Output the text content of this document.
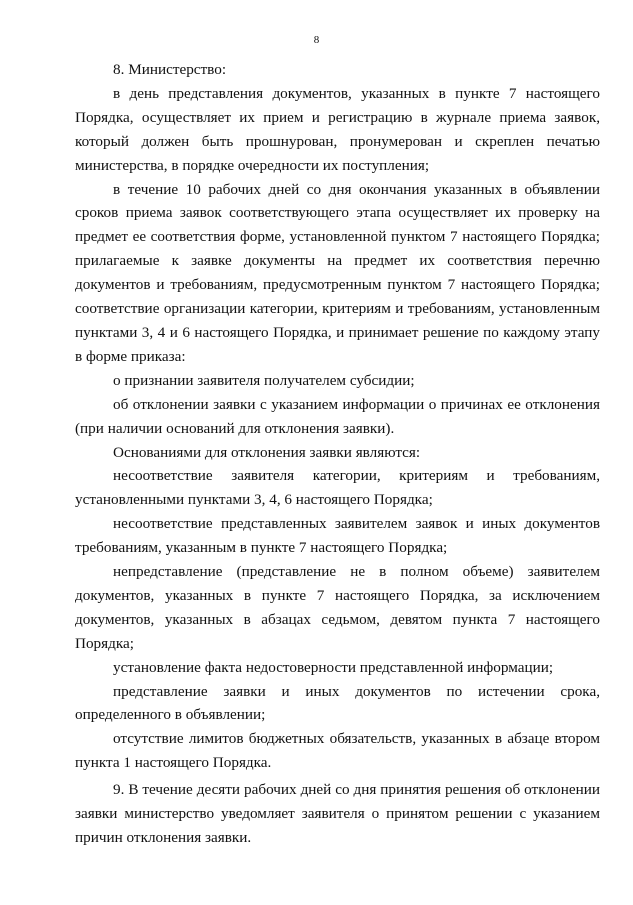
8

8. Министерство:

в день представления документов, указанных в пункте 7 настоящего Порядка, осуществляет их прием и регистрацию в журнале приема заявок, который должен быть прошнурован, пронумерован и скреплен печатью министерства, в порядке очередности их поступления;

в течение 10 рабочих дней со дня окончания указанных в объявлении сроков приема заявок соответствующего этапа осуществляет их проверку на предмет ее соответствия форме, установленной пунктом 7 настоящего Порядка; прилагаемые к заявке документы на предмет их соответствия перечню документов и требованиям, предусмотренным пунктом 7 настоящего Порядка; соответствие организации категории, критериям и требованиям, установленным пунктами 3, 4 и 6 настоящего Порядка, и принимает решение по каждому этапу в форме приказа:

о признании заявителя получателем субсидии;

об отклонении заявки с указанием информации о причинах ее отклонения (при наличии оснований для отклонения заявки).

Основаниями для отклонения заявки являются:

несоответствие заявителя категории, критериям и требованиям, установленными пунктами 3, 4, 6 настоящего Порядка;

несоответствие представленных заявителем заявок и иных документов требованиям, указанным в пункте 7 настоящего Порядка;

непредставление (представление не в полном объеме) заявителем документов, указанных в пункте 7 настоящего Порядка, за исключением документов, указанных в абзацах седьмом, девятом пункта 7 настоящего Порядка;

установление факта недостоверности представленной информации;

представление заявки и иных документов по истечении срока, определенного в объявлении;

отсутствие лимитов бюджетных обязательств, указанных в абзаце втором пункта 1 настоящего Порядка.

9. В течение десяти рабочих дней со дня принятия решения об отклонении заявки министерство уведомляет заявителя о принятом решении с указанием причин отклонения заявки.
